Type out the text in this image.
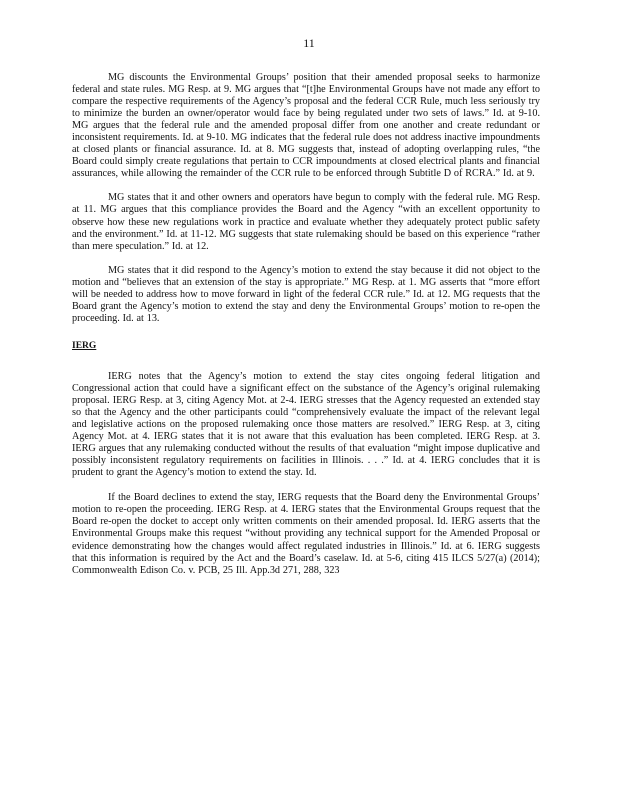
11

MG discounts the Environmental Groups’ position that their amended proposal seeks to harmonize federal and state rules. MG Resp. at 9. MG argues that “[t]he Environmental Groups have not made any effort to compare the respective requirements of the Agency’s proposal and the federal CCR Rule, much less seriously try to minimize the burden an owner/operator would face by being regulated under two sets of laws.” Id. at 9-10. MG argues that the federal rule and the amended proposal differ from one another and create redundant or inconsistent requirements. Id. at 9-10. MG indicates that the federal rule does not address inactive impoundments at closed plants or financial assurance. Id. at 8. MG suggests that, instead of adopting overlapping rules, “the Board could simply create regulations that pertain to CCR impoundments at closed electrical plants and financial assurances, while allowing the remainder of the CCR rule to be enforced through Subtitle D of RCRA.” Id. at 9.

MG states that it and other owners and operators have begun to comply with the federal rule. MG Resp. at 11. MG argues that this compliance provides the Board and the Agency “with an excellent opportunity to observe how these new regulations work in practice and evaluate whether they adequately protect public safety and the environment.” Id. at 11-12. MG suggests that state rulemaking should be based on this experience “rather than mere speculation.” Id. at 12.

MG states that it did respond to the Agency’s motion to extend the stay because it did not object to the motion and “believes that an extension of the stay is appropriate.” MG Resp. at 1. MG asserts that “more effort will be needed to address how to move forward in light of the federal CCR rule.” Id. at 12. MG requests that the Board grant the Agency’s motion to extend the stay and deny the Environmental Groups’ motion to re-open the proceeding. Id. at 13.

IERG

IERG notes that the Agency’s motion to extend the stay cites ongoing federal litigation and Congressional action that could have a significant effect on the substance of the Agency’s original rulemaking proposal. IERG Resp. at 3, citing Agency Mot. at 2-4. IERG stresses that the Agency requested an extended stay so that the Agency and the other participants could “comprehensively evaluate the impact of the relevant legal and legislative actions on the proposed rulemaking once those matters are resolved.” IERG Resp. at 3, citing Agency Mot. at 4. IERG states that it is not aware that this evaluation has been completed. IERG Resp. at 3. IERG argues that any rulemaking conducted without the results of that evaluation “might impose duplicative and possibly inconsistent regulatory requirements on facilities in Illinois. . . .” Id. at 4. IERG concludes that it is prudent to grant the Agency’s motion to extend the stay. Id.

If the Board declines to extend the stay, IERG requests that the Board deny the Environmental Groups’ motion to re-open the proceeding. IERG Resp. at 4. IERG states that the Environmental Groups request that the Board re-open the docket to accept only written comments on their amended proposal. Id. IERG asserts that the Environmental Groups make this request “without providing any technical support for the Amended Proposal or evidence demonstrating how the changes would affect regulated industries in Illinois.” Id. at 6. IERG suggests that this information is required by the Act and the Board’s caselaw. Id. at 5-6, citing 415 ILCS 5/27(a) (2014); Commonwealth Edison Co. v. PCB, 25 Ill. App.3d 271, 288, 323
